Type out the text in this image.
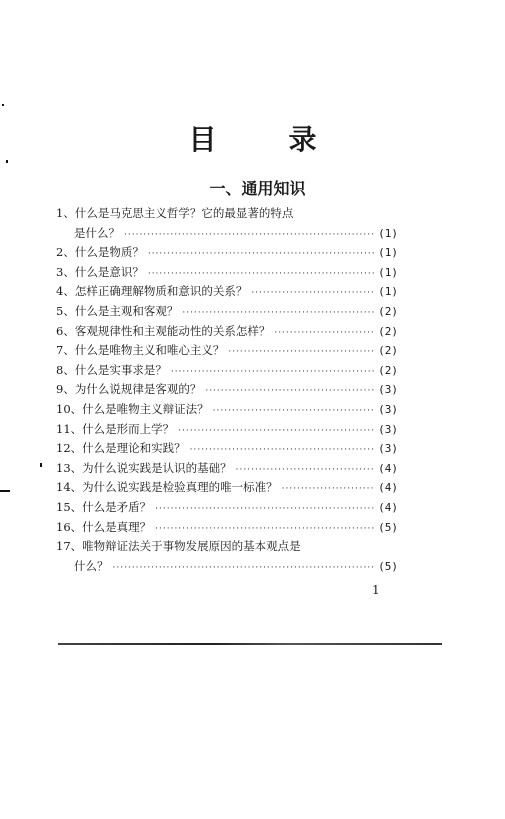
目　录
一、通用知识
1、什么是马克思主义哲学？它的最显著的特点
是什么？ ·····	(1)
2、什么是物质？ ·····	(1)
3、什么是意识？ ·····	(1)
4、怎样正确理解物质和意识的关系？ ·····	(1)
5、什么是主观和客观？ ·····	(2)
6、客观规律性和主观能动性的关系怎样？ ·····	(2)
7、什么是唯物主义和唯心主义？ ·····	(2)
8、什么是实事求是？ ·····	(2)
9、为什么说规律是客观的？ ·····	(3)
10、什么是唯物主义辩证法？ ·····	(3)
11、什么是形而上学？ ·····	(3)
12、什么是理论和实践？ ·····	(3)
13、为什么说实践是认识的基础？ ·····	(4)
14、为什么说实践是检验真理的唯一标准？ ·····	(4)
15、什么是矛盾？ ·····	(4)
16、什么是真理？ ·····	(5)
17、唯物辩证法关于事物发展原因的基本观点是
什么？ ·····	(5)
1
